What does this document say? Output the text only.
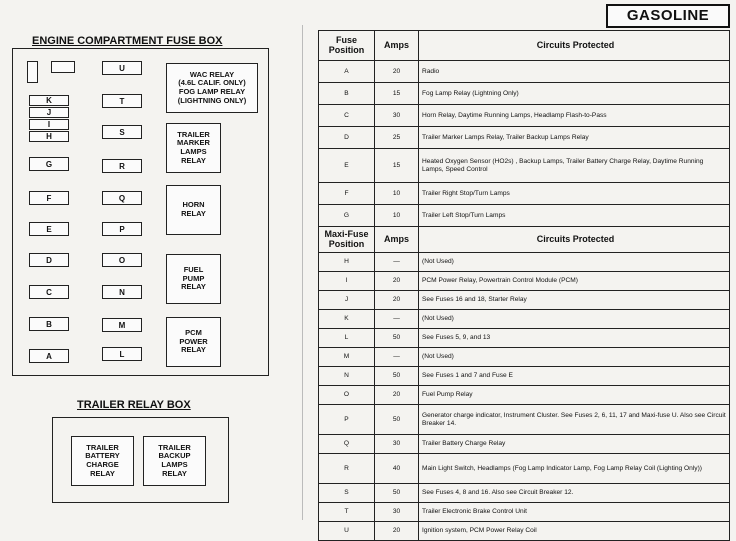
GASOLINE
ENGINE COMPARTMENT FUSE BOX
K
J
I
H
G
F
E
D
C
B
A
U
T
S
R
Q
P
O
N
M
L
WAC RELAY
(4.6L CALIF. ONLY)
FOG LAMP RELAY
(LIGHTNING ONLY)
TRAILER
MARKER
LAMPS
RELAY
HORN
RELAY
FUEL
PUMP
RELAY
PCM
POWER
RELAY
TRAILER RELAY BOX
TRAILER
BATTERY
CHARGE
RELAY
TRAILER
BACKUP
LAMPS
RELAY
Fuse
Position	Amps	Circuits Protected
A	20	Radio
B	15	Fog Lamp Relay (Lightning Only)
C	30	Horn Relay, Daytime Running Lamps, Headlamp Flash-to-Pass
D	25	Trailer Marker Lamps Relay, Trailer Backup Lamps Relay
E	15	Heated Oxygen Sensor (HO2s) , Backup Lamps, Trailer Battery Charge Relay, Daytime Running Lamps, Speed Control
F	10	Trailer Right Stop/Turn Lamps
G	10	Trailer Left Stop/Turn Lamps
Maxi-Fuse
Position	Amps	Circuits Protected
H	—	(Not Used)
I	20	PCM Power Relay, Powertrain Control Module (PCM)
J	20	See Fuses 16 and 18, Starter Relay
K	—	(Not Used)
L	50	See Fuses 5, 9, and 13
M	—	(Not Used)
N	50	See Fuses 1 and 7 and Fuse E
O	20	Fuel Pump Relay
P	50	Generator charge indicator, Instrument Cluster. See Fuses 2, 6, 11, 17 and Maxi-fuse U. Also see Circuit Breaker 14.
Q	30	Trailer Battery Charge Relay
R	40	Main Light Switch, Headlamps (Fog Lamp Indicator Lamp, Fog Lamp Relay Coil (Lighting Only))
S	50	See Fuses 4, 8 and 16. Also see Circuit Breaker 12.
T	30	Trailer Electronic Brake Control Unit
U	20	Ignition system, PCM Power Relay Coil
